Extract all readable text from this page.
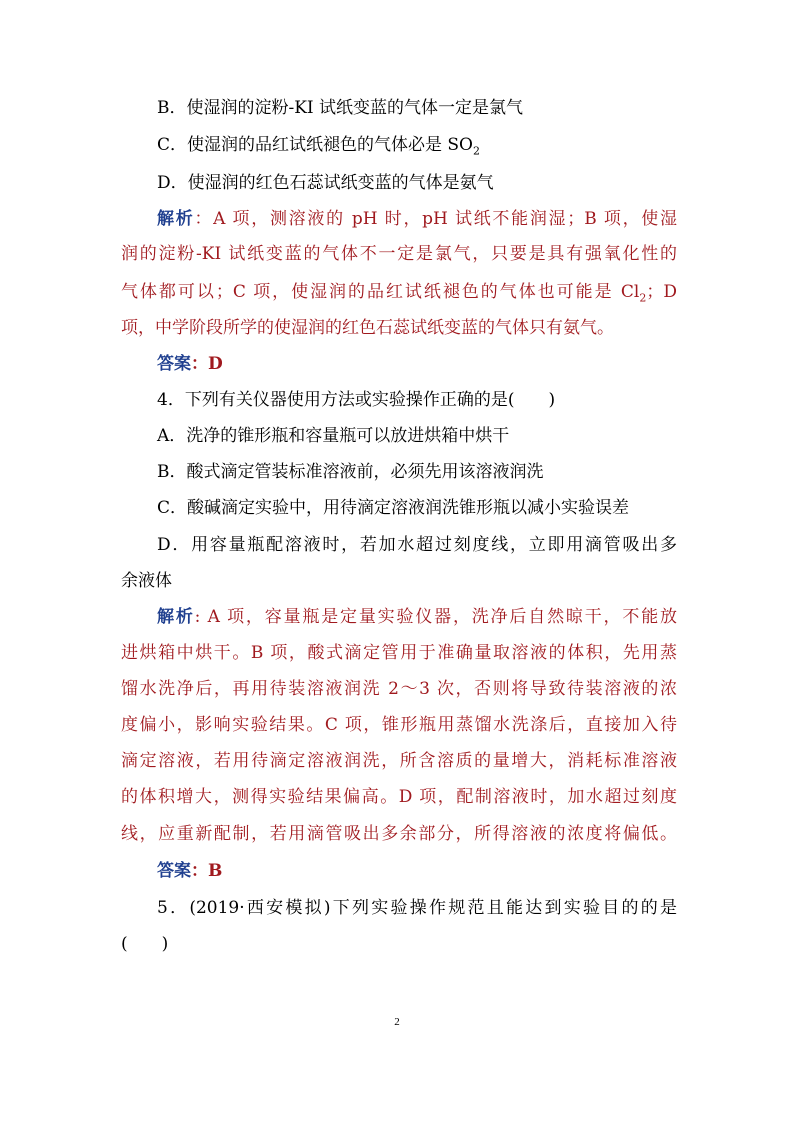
B．使湿润的淀粉-KI 试纸变蓝的气体一定是氯气
C．使湿润的品红试纸褪色的气体必是 $SO_2$
D．使湿润的红色石蕊试纸变蓝的气体是氨气
解析：A 项，测溶液的 pH 时，pH 试纸不能润湿；B 项，使湿
润的淀粉-KI 试纸变蓝的气体不一定是氯气，只要是具有强氧化性的
气体都可以；C 项，使湿润的品红试纸褪色的气体也可能是 $Cl_2$；D
项，中学阶段所学的使湿润的红色石蕊试纸变蓝的气体只有氨气。
答案：D
4．下列有关仪器使用方法或实验操作正确的是(　　)
A．洗净的锥形瓶和容量瓶可以放进烘箱中烘干
B．酸式滴定管装标准溶液前，必须先用该溶液润洗
C．酸碱滴定实验中，用待滴定溶液润洗锥形瓶以减小实验误差
D．用容量瓶配溶液时，若加水超过刻度线，立即用滴管吸出多
余液体
解析: A 项，容量瓶是定量实验仪器，洗净后自然晾干，不能放
进烘箱中烘干。B 项，酸式滴定管用于准确量取溶液的体积，先用蒸
馏水洗净后，再用待装溶液润洗 2～3 次，否则将导致待装溶液的浓
度偏小，影响实验结果。C 项，锥形瓶用蒸馏水洗涤后，直接加入待
滴定溶液，若用待滴定溶液润洗，所含溶质的量增大，消耗标准溶液
的体积增大，测得实验结果偏高。D 项，配制溶液时，加水超过刻度
线，应重新配制，若用滴管吸出多余部分，所得溶液的浓度将偏低。
答案：B
5．(2019·西安模拟)下列实验操作规范且能达到实验目的的是
(　　)
2
